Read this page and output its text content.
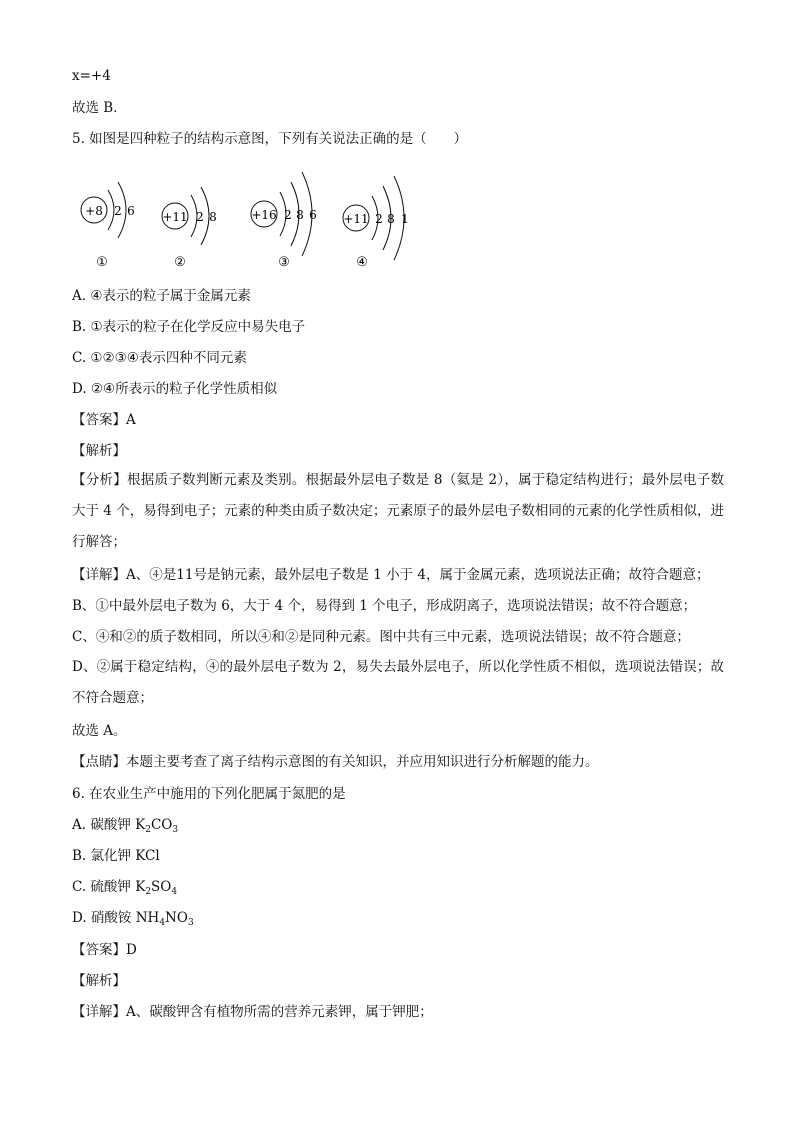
x=+4
故选 B．
5. 如图是四种粒子的结构示意图，下列有关说法正确的是（　　）
+8 2 6
①
+11 2 8
②
+16 2 8 6
③
+11 2 8 1
④
A. ④表示的粒子属于金属元素
B. ①表示的粒子在化学反应中易失电子
C. ①②③④表示四种不同元素
D. ②④所表示的粒子化学性质相似
【答案】A
【解析】
【分析】根据质子数判断元素及类别。根据最外层电子数是 8（氦是 2），属于稳定结构进行；最外层电子数大于 4 个，易得到电子；元素的种类由质子数决定；元素原子的最外层电子数相同的元素的化学性质相似，进行解答；
【详解】A、④是11号是钠元素，最外层电子数是 1 小于 4，属于金属元素，选项说法正确；故符合题意；
B、①中最外层电子数为 6，大于 4 个，易得到 1 个电子，形成阴离子，选项说法错误；故不符合题意；
C、④和②的质子数相同，所以④和②是同种元素。图中共有三中元素，选项说法错误；故不符合题意；
D、②属于稳定结构，④的最外层电子数为 2，易失去最外层电子，所以化学性质不相似，选项说法错误；故不符合题意；
故选 A。
【点睛】本题主要考查了离子结构示意图的有关知识，并应用知识进行分析解题的能力。
6. 在农业生产中施用的下列化肥属于氮肥的是
A. 碳酸钾 $K_2CO_3$
B. 氯化钾 KCl
C. 硫酸钾 $K_2SO_4$
D. 硝酸铵 $NH_4NO_3$
【答案】D
【解析】
【详解】A、碳酸钾含有植物所需的营养元素钾，属于钾肥；
